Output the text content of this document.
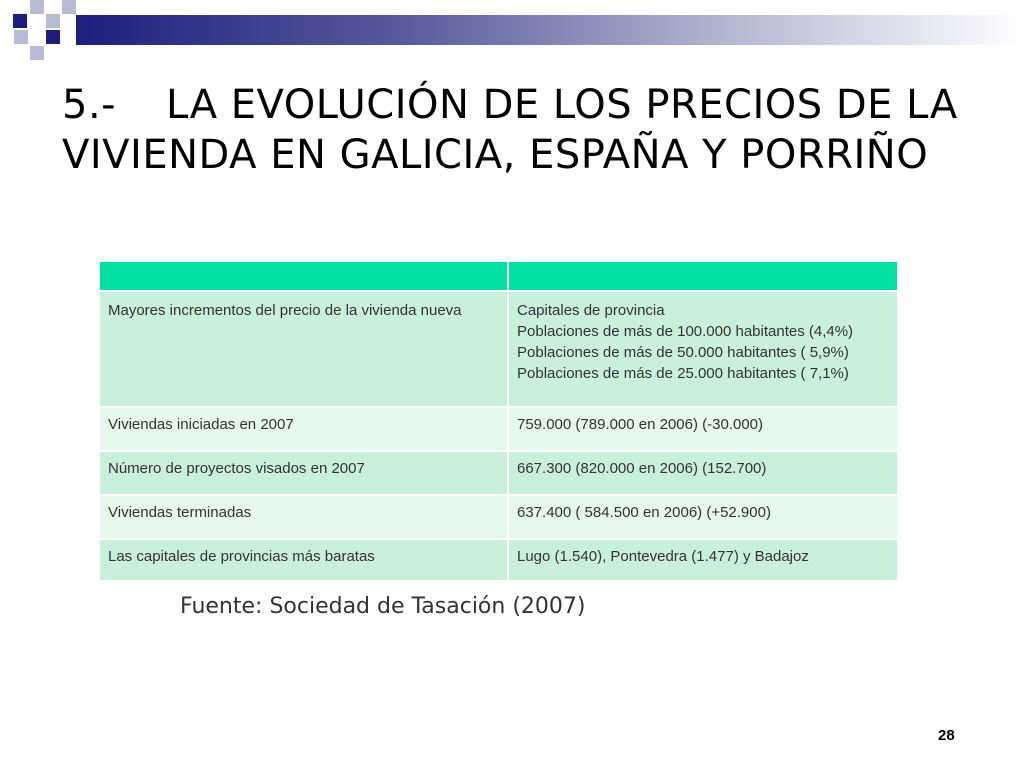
5.- LA EVOLUCIÓN DE LOS PRECIOS DE LA VIVIENDA EN GALICIA, ESPAÑA Y PORRIÑO

Mayores incrementos del precio de la vivienda nueva	Capitales de provincia
Poblaciones de más de 100.000 habitantes (4,4%)
Poblaciones de más de 50.000 habitantes ( 5,9%)
Poblaciones de más de 25.000 habitantes ( 7,1%)

Viviendas iniciadas en 2007	759.000 (789.000 en 2006) (-30.000)
Número de proyectos visados en 2007	667.300 (820.000 en 2006) (152.700)
Viviendas terminadas	637.400 ( 584.500 en 2006) (+52.900)
Las capitales de provincias más baratas	Lugo (1.540), Pontevedra (1.477) y Badajoz
Fuente: Sociedad de Tasación (2007)
28
